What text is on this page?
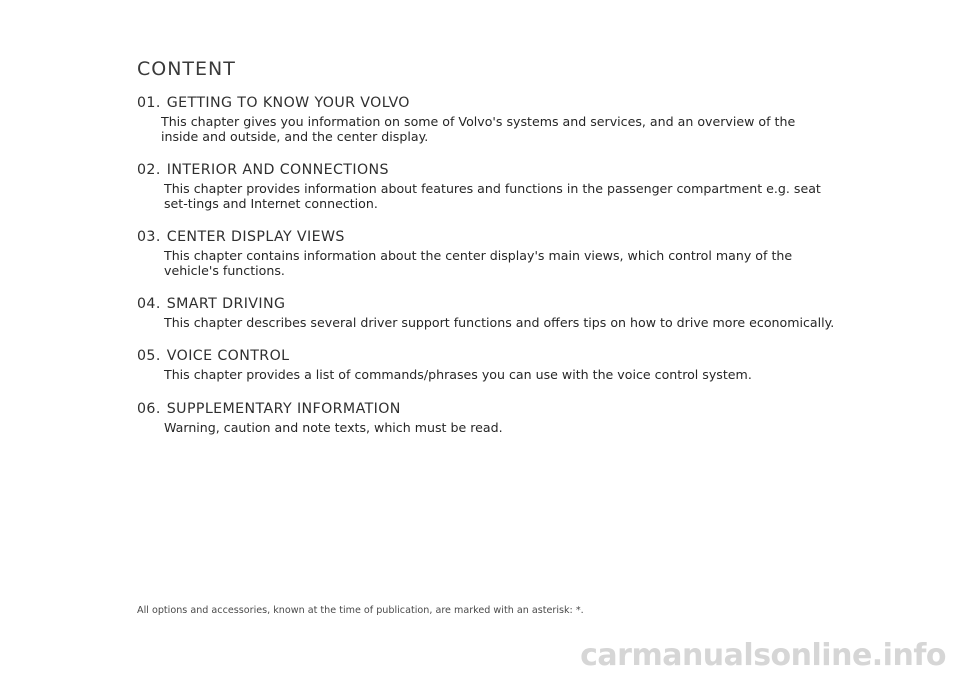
CONTENT
01. GETTING TO KNOW YOUR VOLVO
This chapter gives you information on some of Volvo's systems and services, and an overview of the inside and outside, and the center display.
02. INTERIOR AND CONNECTIONS
This chapter provides information about features and functions in the passenger compartment e.g. seat set-tings and Internet connection.
03. CENTER DISPLAY VIEWS
This chapter contains information about the center display's main views, which control many of the vehicle's functions.
04. SMART DRIVING
This chapter describes several driver support functions and offers tips on how to drive more economically.
05. VOICE CONTROL
This chapter provides a list of commands/phrases you can use with the voice control system.
06. SUPPLEMENTARY INFORMATION
Warning, caution and note texts, which must be read.
All options and accessories, known at the time of publication, are marked with an asterisk: *.
carmanualsonline.info
